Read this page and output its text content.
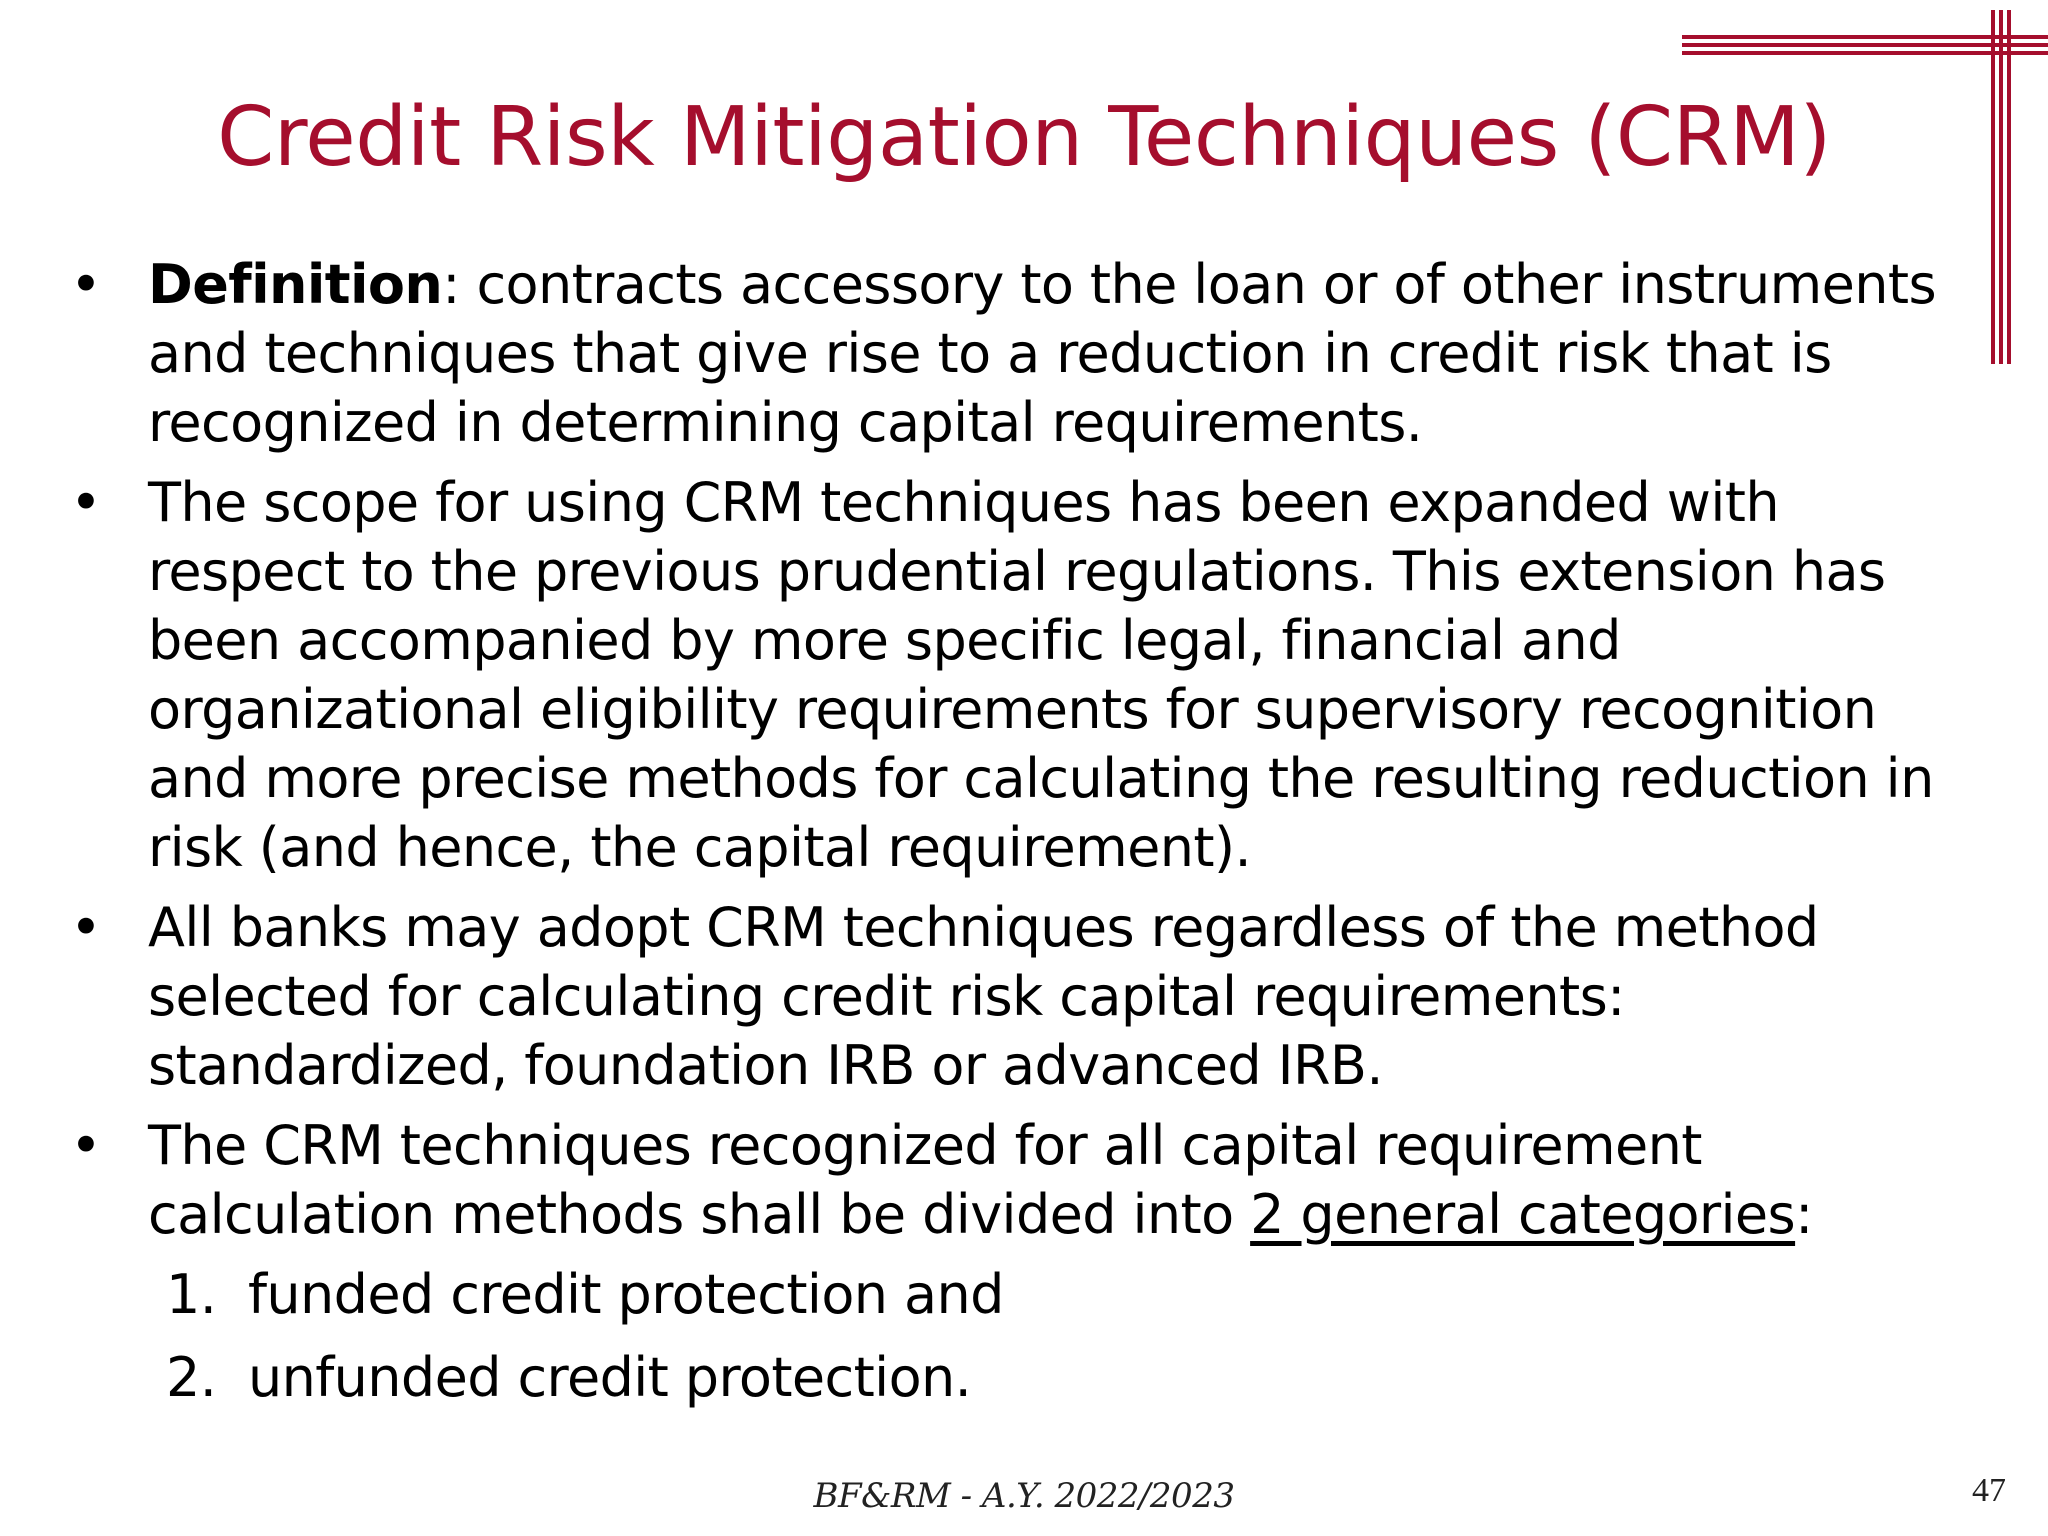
Credit Risk Mitigation Techniques (CRM)
• Definition: contracts accessory to the loan or of other instruments and techniques that give rise to a reduction in credit risk that is recognized in determining capital requirements.
• The scope for using CRM techniques has been expanded with respect to the previous prudential regulations. This extension has been accompanied by more specific legal, financial and organizational eligibility requirements for supervisory recognition and more precise methods for calculating the resulting reduction in risk (and hence, the capital requirement).
• All banks may adopt CRM techniques regardless of the method selected for calculating credit risk capital requirements: standardized, foundation IRB or advanced IRB.
• The CRM techniques recognized for all capital requirement calculation methods shall be divided into 2 general categories:
1. funded credit protection and
2. unfunded credit protection.
BF&RM - A.Y. 2022/2023	47
